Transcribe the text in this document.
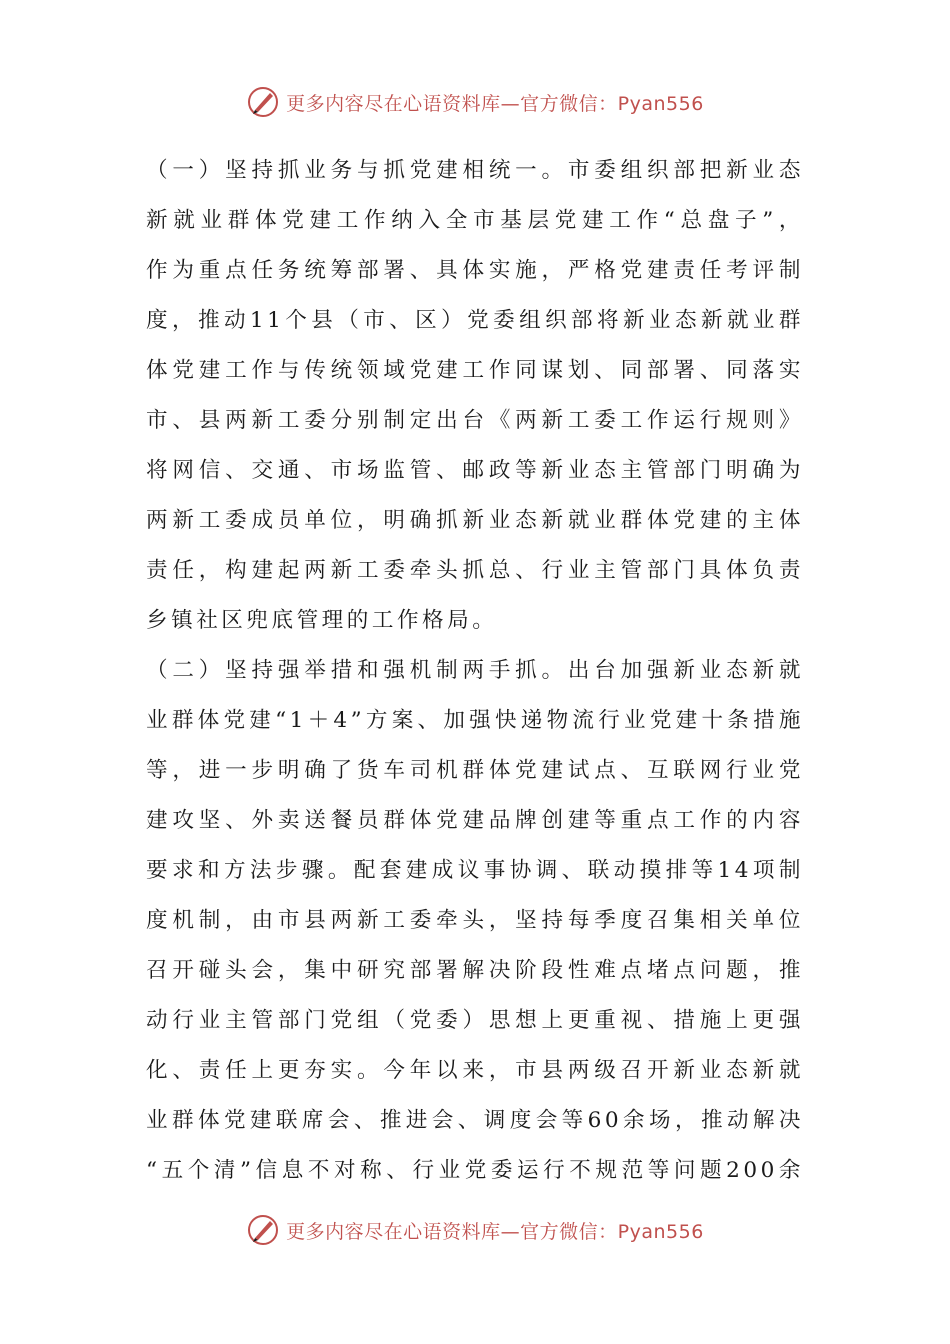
更多内容尽在心语资料库—官方微信：Pyan556
（一）坚持抓业务与抓党建相统一。市委组织部把新业态
新就业群体党建工作纳入全市基层党建工作“总盘子”，
作为重点任务统筹部署、具体实施，严格党建责任考评制
度，推动11个县（市、区）党委组织部将新业态新就业群
体党建工作与传统领域党建工作同谋划、同部署、同落实
市、县两新工委分别制定出台《两新工委工作运行规则》
将网信、交通、市场监管、邮政等新业态主管部门明确为
两新工委成员单位，明确抓新业态新就业群体党建的主体
责任，构建起两新工委牵头抓总、行业主管部门具体负责
乡镇社区兜底管理的工作格局。
（二）坚持强举措和强机制两手抓。出台加强新业态新就
业群体党建“1＋4”方案、加强快递物流行业党建十条措施
等，进一步明确了货车司机群体党建试点、互联网行业党
建攻坚、外卖送餐员群体党建品牌创建等重点工作的内容
要求和方法步骤。配套建成议事协调、联动摸排等14项制
度机制，由市县两新工委牵头，坚持每季度召集相关单位
召开碰头会，集中研究部署解决阶段性难点堵点问题，推
动行业主管部门党组（党委）思想上更重视、措施上更强
化、责任上更夯实。今年以来，市县两级召开新业态新就
业群体党建联席会、推进会、调度会等60余场，推动解决
“五个清”信息不对称、行业党委运行不规范等问题200余
更多内容尽在心语资料库—官方微信：Pyan556
